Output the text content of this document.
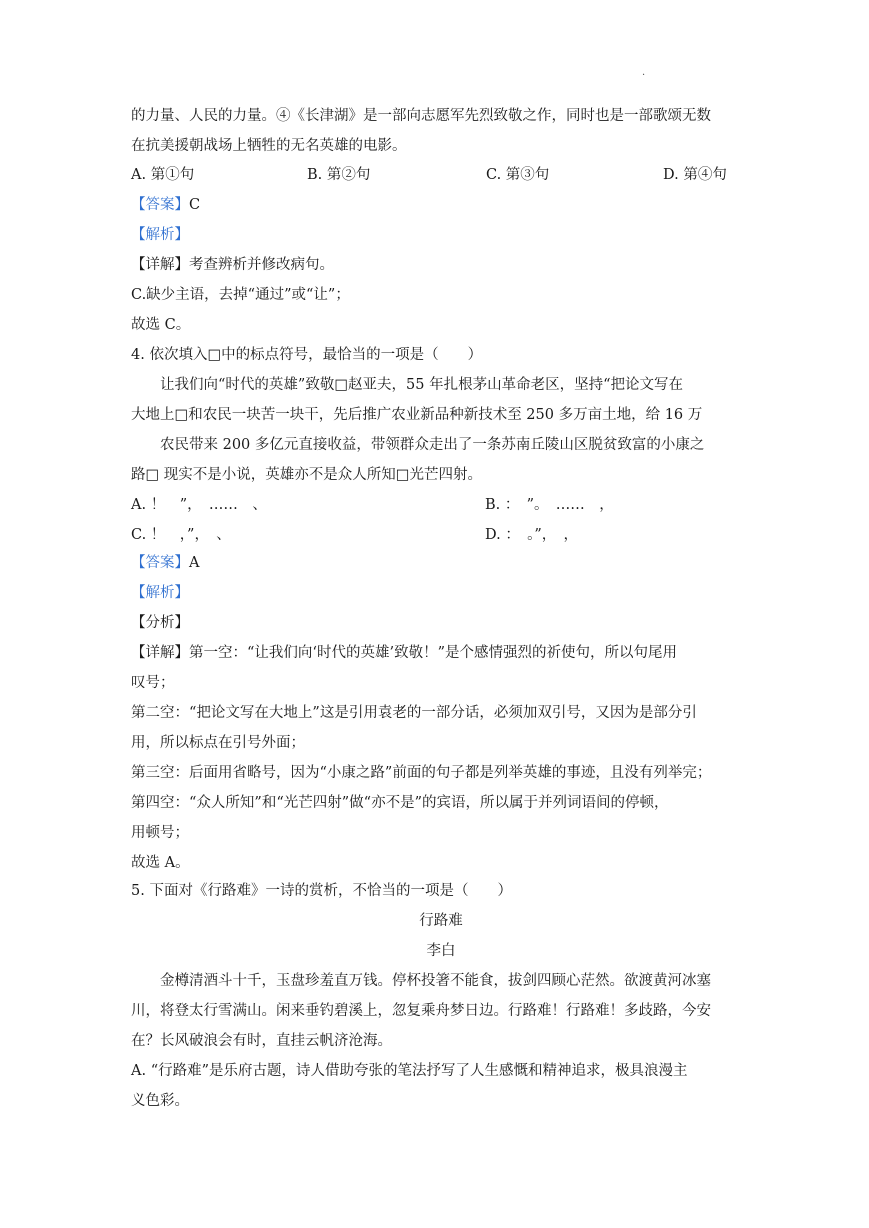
·
的力量、人民的力量。④《长津湖》是一部向志愿军先烈致敬之作，同时也是一部歌颂无数
在抗美援朝战场上牺牲的无名英雄的电影。
A. 第①句	B. 第②句	C. 第③句	D. 第④句
【答案】C
【解析】
【详解】考查辨析并修改病句。
C.缺少主语，去掉“通过”或“让”；
故选 C。
4. 依次填入□中的标点符号，最恰当的一项是（　　）
　　让我们向“时代的英雄”致敬□赵亚夫，55 年扎根茅山革命老区，坚持“把论文写在
大地上□和农民一块苦一块干，先后推广农业新品种新技术至 250 多万亩土地，给 16 万
　　农民带来 200 多亿元直接收益，带领群众走出了一条苏南丘陵山区脱贫致富的小康之
路□ 现实不是小说，英雄亦不是众人所知□光芒四射。
A. ！　”，　……　、	B. ：　”。　……　，
C. ！　，”，　、	D. ：　。”，　，
【答案】A
【解析】
【分析】
【详解】第一空：“让我们向‘时代的英雄’致敬！”是个感情强烈的祈使句，所以句尾用
叹号；
第二空：“把论文写在大地上”这是引用袁老的一部分话，必须加双引号，又因为是部分引
用，所以标点在引号外面；
第三空：后面用省略号，因为“小康之路”前面的句子都是列举英雄的事迹，且没有列举完；
第四空：“众人所知”和“光芒四射”做“亦不是”的宾语，所以属于并列词语间的停顿，
用顿号；
故选 A。
5. 下面对《行路难》一诗的赏析，不恰当的一项是（　　）
行路难
李白
　　金樽清酒斗十千，玉盘珍羞直万钱。停杯投箸不能食，拔剑四顾心茫然。欲渡黄河冰塞
川，将登太行雪满山。闲来垂钓碧溪上，忽复乘舟梦日边。行路难！行路难！多歧路，今安
在？长风破浪会有时，直挂云帆济沧海。
A. “行路难”是乐府古题，诗人借助夸张的笔法抒写了人生感慨和精神追求，极具浪漫主
义色彩。
